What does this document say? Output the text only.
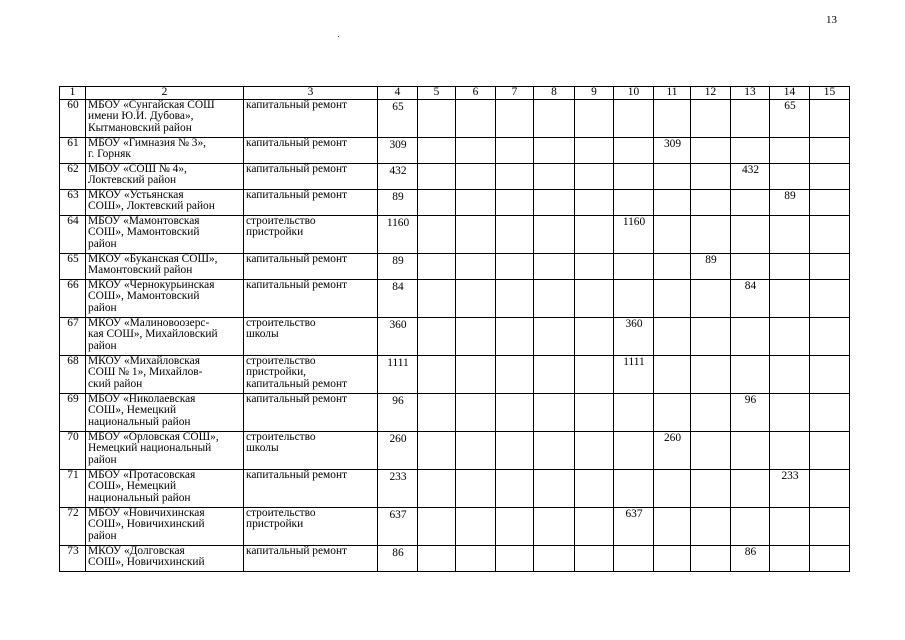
13
1	2	3	4	5	6	7	8	9	10	11	12	13	14	15
60	МБОУ «Сунгайская СОШ
имени Ю.И. Дубова»,
Кытмановский район	капитальный ремонт	65										65	
61	МБОУ «Гимназия № 3»,
г. Горняк	капитальный ремонт	309							309				
62	МБОУ «СОШ № 4»,
Локтевский район	капитальный ремонт	432									432		
63	МКОУ «Устьянская
СОШ», Локтевский район	капитальный ремонт	89										89	
64	МБОУ «Мамонтовская
СОШ», Мамонтовский
район	строительство
пристройки	1160						1160					
65	МКОУ «Буканская СОШ»,
Мамонтовский район	капитальный ремонт	89								89			
66	МКОУ «Чернокурьинская
СОШ», Мамонтовский
район	капитальный ремонт	84									84		
67	МКОУ «Малиновоозерс-
кая СОШ», Михайловский
район	строительство
школы	360						360					
68	МКОУ «Михайловская
СОШ № 1», Михайлов-
ский район	строительство
пристройки,
капитальный ремонт	1111						1111					
69	МБОУ «Николаевская
СОШ», Немецкий
национальный район	капитальный ремонт	96									96		
70	МБОУ «Орловская СОШ»,
Немецкий национальный
район	строительство
школы	260							260				
71	МБОУ «Протасовская
СОШ», Немецкий
национальный район	капитальный ремонт	233										233	
72	МБОУ «Новичихинская
СОШ», Новичихинский
район	строительство
пристройки	637						637					
73	МКОУ «Долговская
СОШ», Новичихинский	капитальный ремонт	86									86		
